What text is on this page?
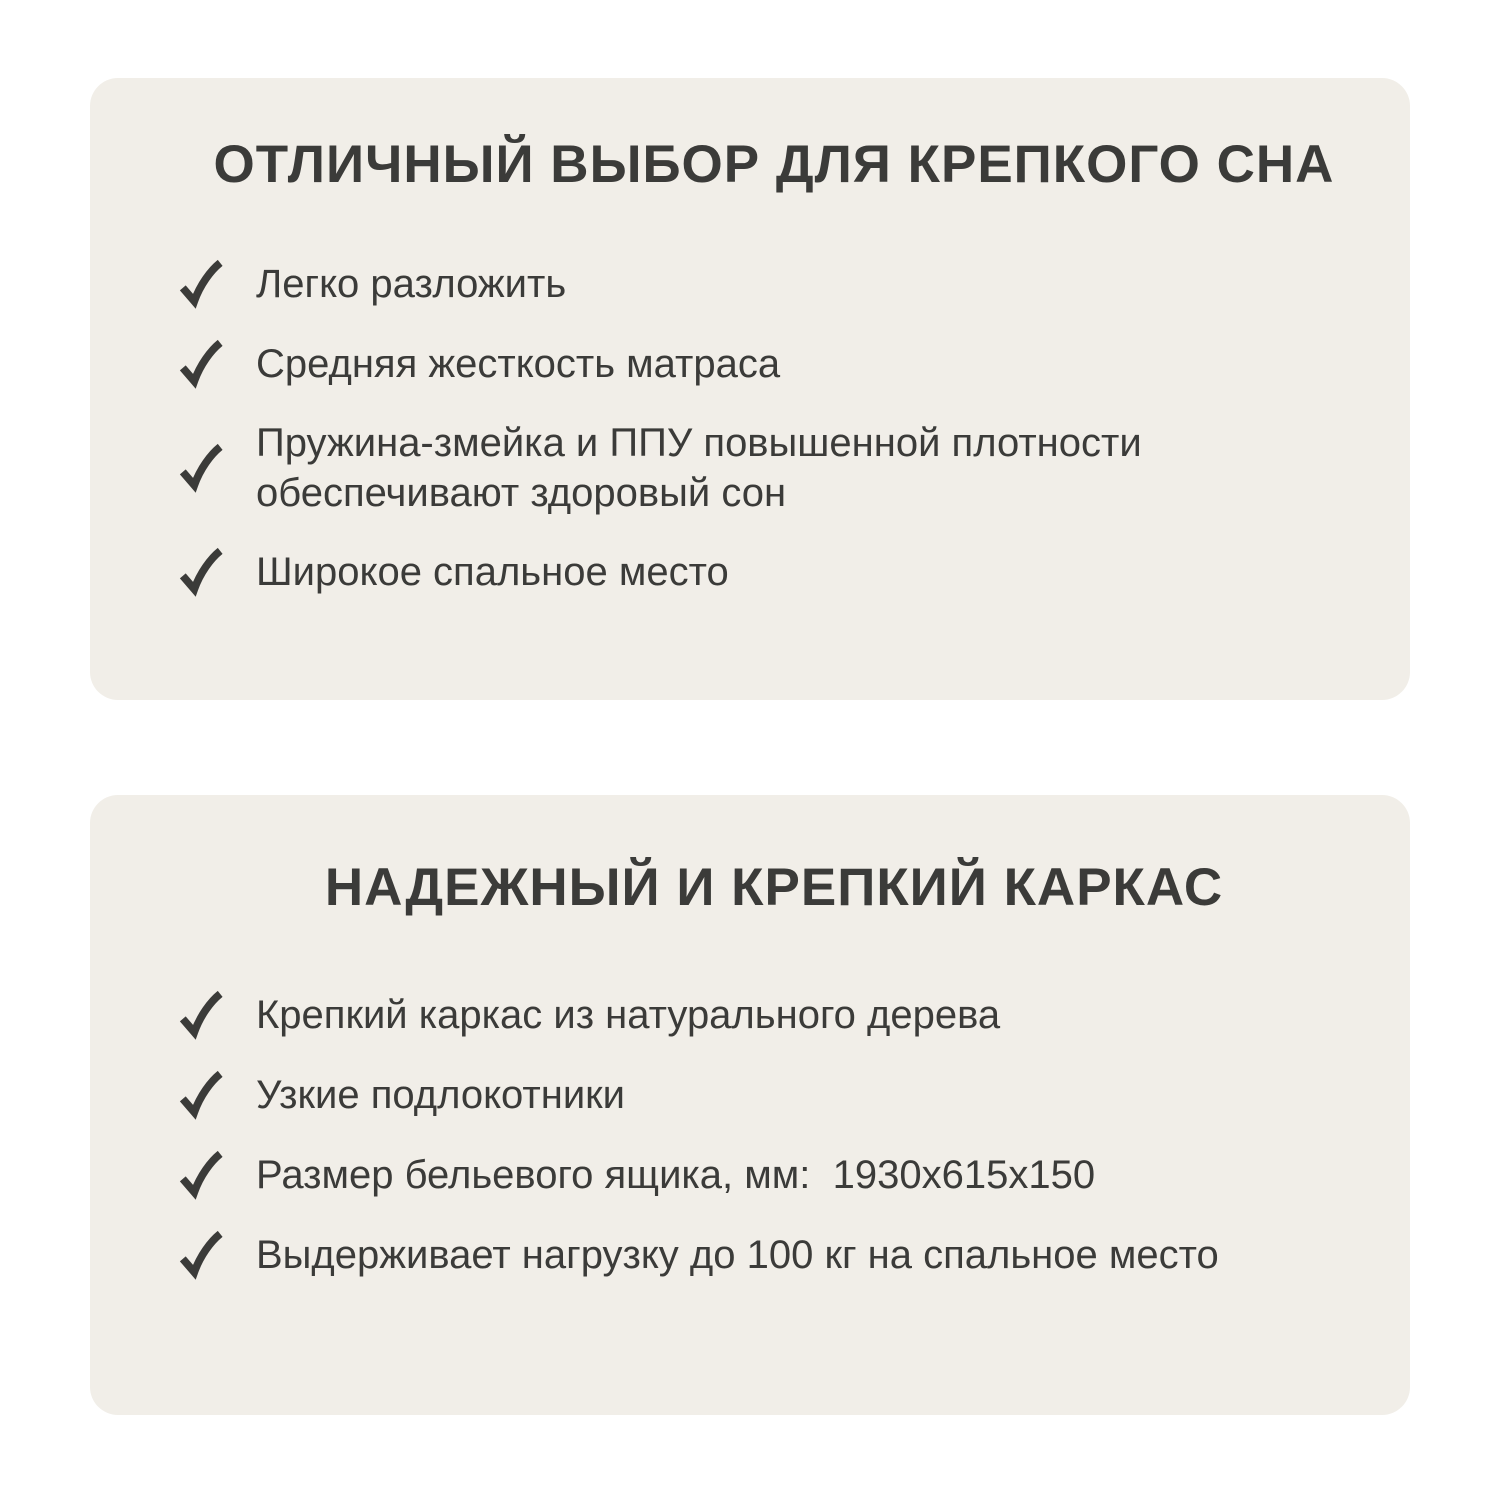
ОТЛИЧНЫЙ ВЫБОР ДЛЯ КРЕПКОГО СНА
Легко разложить
Средняя жесткость матраса
Пружина-змейка и ППУ повышенной плотности обеспечивают здоровый сон
Широкое спальное место
НАДЕЖНЫЙ И КРЕПКИЙ КАРКАС
Крепкий каркас из натурального дерева
Узкие подлокотники
Размер бельевого ящика, мм:  1930х615х150
Выдерживает нагрузку до 100 кг на спальное место
